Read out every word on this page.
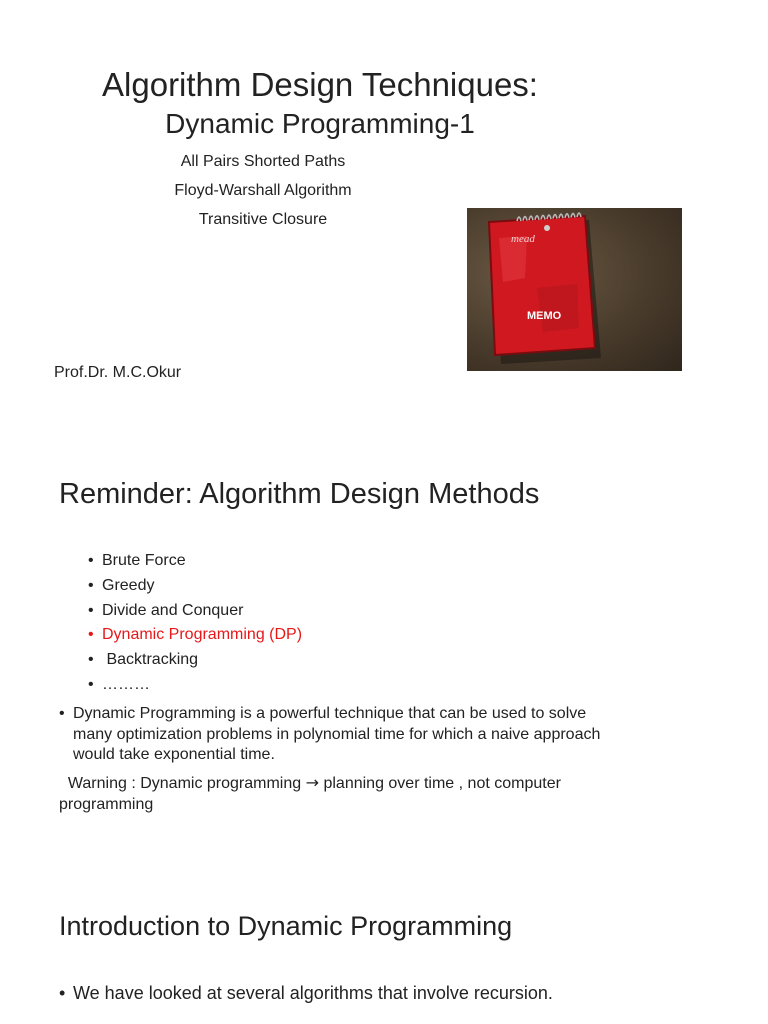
Algorithm Design Techniques:
Dynamic Programming-1
All Pairs Shorted Paths
Floyd-Warshall Algorithm
Transitive Closure
Prof.Dr. M.C.Okur
mead
MEMO
Reminder: Algorithm Design Methods
• Brute Force
• Greedy
• Divide and Conquer
• Dynamic Programming (DP)
• Backtracking
• ………
• Dynamic Programming is a powerful technique that can be used to solve many optimization problems in polynomial time for which a naive approach would take exponential time.
Warning : Dynamic programming → planning over time , not computer programming
Introduction to Dynamic Programming
• We have looked at several algorithms that involve recursion.
